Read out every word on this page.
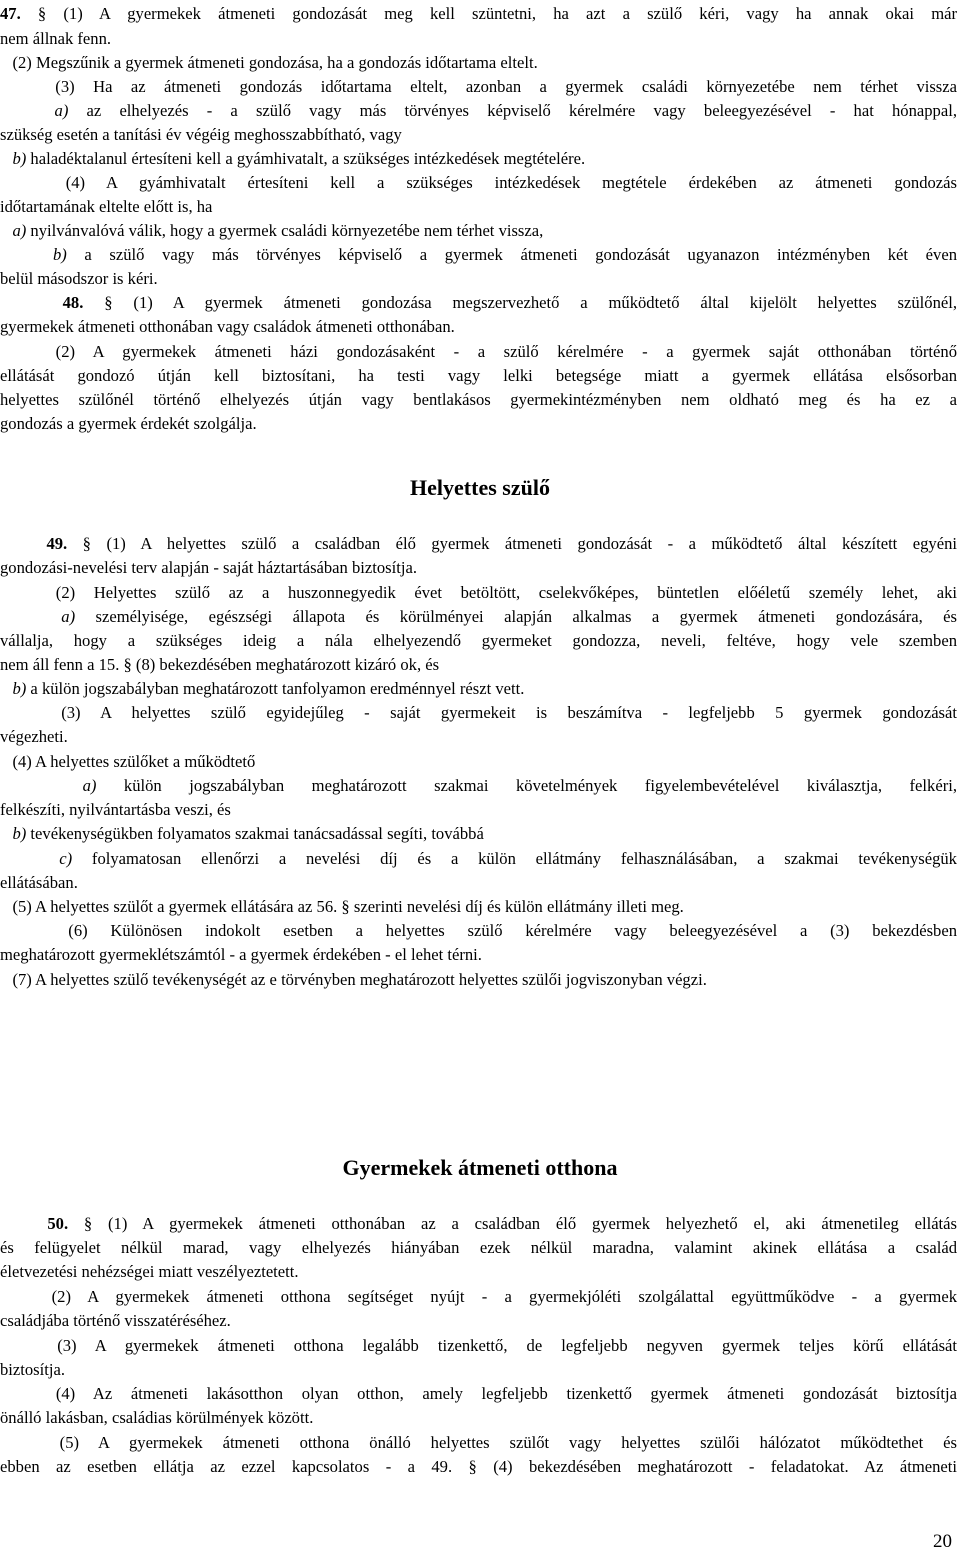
47. § (1) A gyermekek átmeneti gondozását meg kell szüntetni, ha azt a szülő kéri, vagy ha annak okai már
nem állnak fenn.
(2) Megszűnik a gyermek átmeneti gondozása, ha a gondozás időtartama eltelt.
(3) Ha az átmeneti gondozás időtartama eltelt, azonban a gyermek családi környezetébe nem térhet vissza
a) az elhelyezés - a szülő vagy más törvényes képviselő kérelmére vagy beleegyezésével - hat hónappal,
szükség esetén a tanítási év végéig meghosszabbítható, vagy
b) haladéktalanul értesíteni kell a gyámhivatalt, a szükséges intézkedések megtételére.
(4) A gyámhivatalt értesíteni kell a szükséges intézkedések megtétele érdekében az átmeneti gondozás
időtartamának eltelte előtt is, ha
a) nyilvánvalóvá válik, hogy a gyermek családi környezetébe nem térhet vissza,
b) a szülő vagy más törvényes képviselő a gyermek átmeneti gondozását ugyanazon intézményben két éven
belül másodszor is kéri.
48. § (1) A gyermek átmeneti gondozása megszervezhető a működtető által kijelölt helyettes szülőnél,
gyermekek átmeneti otthonában vagy családok átmeneti otthonában.
(2) A gyermekek átmeneti házi gondozásaként - a szülő kérelmére - a gyermek saját otthonában történő
ellátását gondozó útján kell biztosítani, ha testi vagy lelki betegsége miatt a gyermek ellátása elsősorban
helyettes szülőnél történő elhelyezés útján vagy bentlakásos gyermekintézményben nem oldható meg és ha ez a
gondozás a gyermek érdekét szolgálja.
49. § (1) A helyettes szülő a családban élő gyermek átmeneti gondozását - a működtető által készített egyéni
gondozási-nevelési terv alapján - saját háztartásában biztosítja.
(2) Helyettes szülő az a huszonnegyedik évet betöltött, cselekvőképes, büntetlen előéletű személy lehet, aki
a) személyisége, egészségi állapota és körülményei alapján alkalmas a gyermek átmeneti gondozására, és
vállalja, hogy a szükséges ideig a nála elhelyezendő gyermeket gondozza, neveli, feltéve, hogy vele szemben
nem áll fenn a 15. § (8) bekezdésében meghatározott kizáró ok, és
b) a külön jogszabályban meghatározott tanfolyamon eredménnyel részt vett.
(3) A helyettes szülő egyidejűleg - saját gyermekeit is beszámítva - legfeljebb 5 gyermek gondozását
végezheti.
(4) A helyettes szülőket a működtető
a) külön jogszabályban meghatározott szakmai követelmények figyelembevételével kiválasztja, felkéri,
felkészíti, nyilvántartásba veszi, és
b) tevékenységükben folyamatos szakmai tanácsadással segíti, továbbá
c) folyamatosan ellenőrzi a nevelési díj és a külön ellátmány felhasználásában, a szakmai tevékenységük
ellátásában.
(5) A helyettes szülőt a gyermek ellátására az 56. § szerinti nevelési díj és külön ellátmány illeti meg.
(6) Különösen indokolt esetben a helyettes szülő kérelmére vagy beleegyezésével a (3) bekezdésben
meghatározott gyermeklétszámtól - a gyermek érdekében - el lehet térni.
(7) A helyettes szülő tevékenységét az e törvényben meghatározott helyettes szülői jogviszonyban végzi.
50. § (1) A gyermekek átmeneti otthonában az a családban élő gyermek helyezhető el, aki átmenetileg ellátás
és felügyelet nélkül marad, vagy elhelyezés hiányában ezek nélkül maradna, valamint akinek ellátása a család
életvezetési nehézségei miatt veszélyeztetett.
(2) A gyermekek átmeneti otthona segítséget nyújt - a gyermekjóléti szolgálattal együttműködve - a gyermek
családjába történő visszatéréséhez.
(3) A gyermekek átmeneti otthona legalább tizenkettő, de legfeljebb negyven gyermek teljes körű ellátását
biztosítja.
(4) Az átmeneti lakásotthon olyan otthon, amely legfeljebb tizenkettő gyermek átmeneti gondozását biztosítja
önálló lakásban, családias körülmények között.
(5) A gyermekek átmeneti otthona önálló helyettes szülőt vagy helyettes szülői hálózatot működtethet és
ebben az esetben ellátja az ezzel kapcsolatos - a 49. § (4) bekezdésében meghatározott - feladatokat. Az átmeneti
Helyettes szülő
Gyermekek átmeneti otthona
20
